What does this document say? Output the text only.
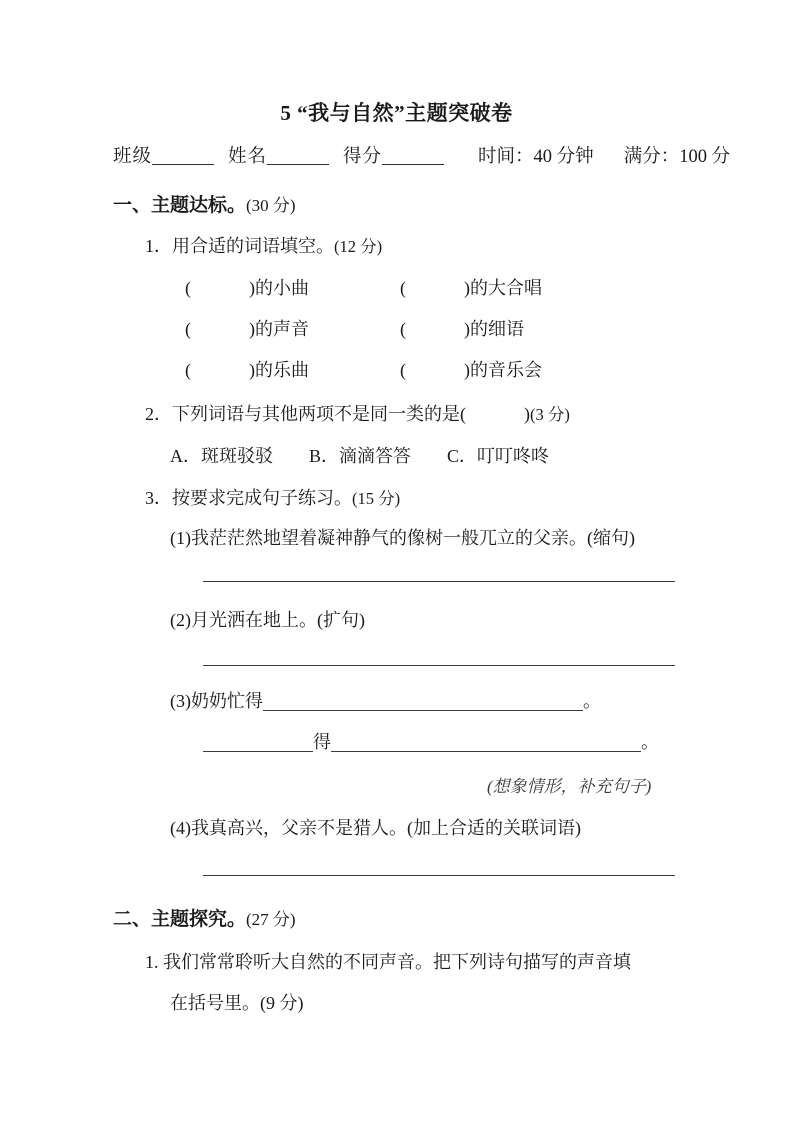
5 “我与自然”主题突破卷
班级	姓名	得分	时间：40 分钟 满分：100 分
一、主题达标。(30 分)
1．用合适的词语填空。(12 分)
(	)的小曲	(	)的大合唱
(	)的声音	(	)的细语
(	)的乐曲	(	)的音乐会
2．下列词语与其他两项不是同一类的是(	)(3 分)
A．斑斑驳驳 B．滴滴答答 C．叮叮咚咚
3．按要求完成句子练习。(15 分)
(1)我茫茫然地望着凝神静气的像树一般兀立的父亲。(缩句)
(2)月光洒在地上。(扩句)
(3)奶奶忙得	。
得	。
(想象情形，补充句子)
(4)我真高兴，父亲不是猎人。(加上合适的关联词语)
二、主题探究。(27 分)
1. 我们常常聆听大自然的不同声音。把下列诗句描写的声音填
在括号里。(9 分)
